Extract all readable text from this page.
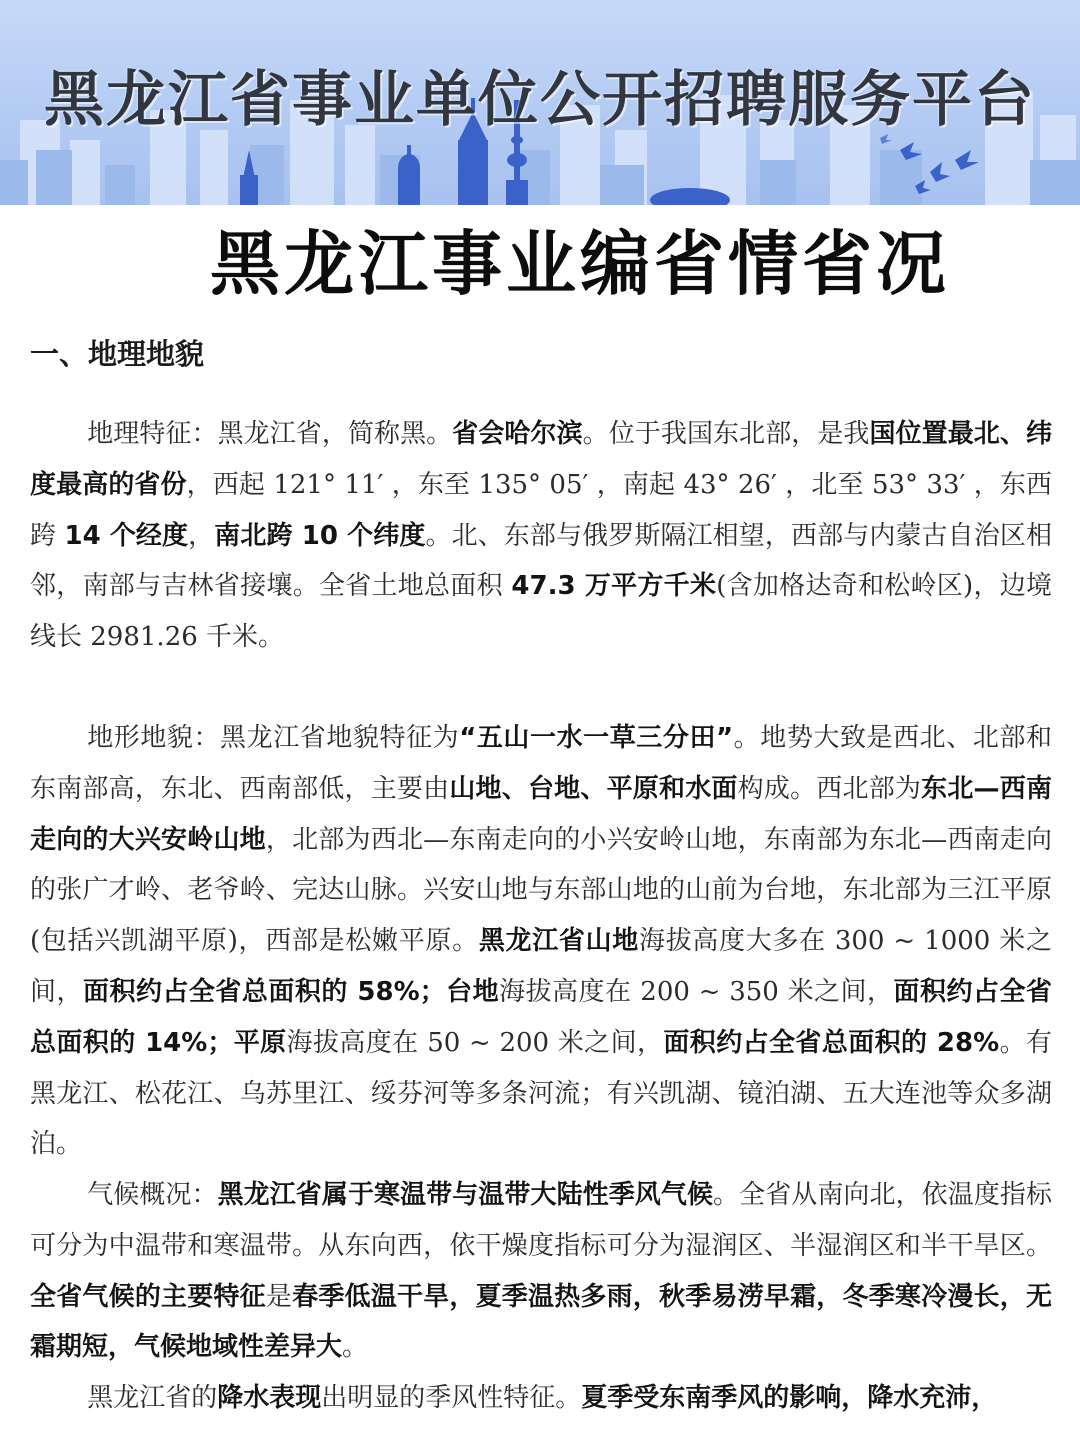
黑龙江省事业单位公开招聘服务平台
黑龙江事业编省情省况
一、地理地貌

地理特征：黑龙江省，简称黑。省会哈尔滨。位于我国东北部，是我国位置最北、纬度最高的省份，西起 121° 11′ ，东至 135° 05′ ，南起 43° 26′ ，北至 53° 33′ ，东西跨 14 个经度，南北跨 10 个纬度。北、东部与俄罗斯隔江相望，西部与内蒙古自治区相邻，南部与吉林省接壤。全省土地总面积 47.3 万平方千米(含加格达奇和松岭区)，边境线长 2981.26 千米。

地形地貌：黑龙江省地貌特征为“五山一水一草三分田”。地势大致是西北、北部和东南部高，东北、西南部低，主要由山地、台地、平原和水面构成。西北部为东北—西南走向的大兴安岭山地，北部为西北—东南走向的小兴安岭山地，东南部为东北—西南走向的张广才岭、老爷岭、完达山脉。兴安山地与东部山地的山前为台地，东北部为三江平原(包括兴凯湖平原)，西部是松嫩平原。黑龙江省山地海拔高度大多在 300 ~ 1000 米之间，面积约占全省总面积的 58%；台地海拔高度在 200 ~ 350 米之间，面积约占全省总面积的 14%；平原海拔高度在 50 ~ 200 米之间，面积约占全省总面积的 28%。有黑龙江、松花江、乌苏里江、绥芬河等多条河流；有兴凯湖、镜泊湖、五大连池等众多湖泊。

气候概况：黑龙江省属于寒温带与温带大陆性季风气候。全省从南向北，依温度指标可分为中温带和寒温带。从东向西，依干燥度指标可分为湿润区、半湿润区和半干旱区。全省气候的主要特征是春季低温干旱，夏季温热多雨，秋季易涝早霜，冬季寒冷漫长，无霜期短，气候地域性差异大。

黑龙江省的降水表现出明显的季风性特征。夏季受东南季风的影响，降水充沛，
